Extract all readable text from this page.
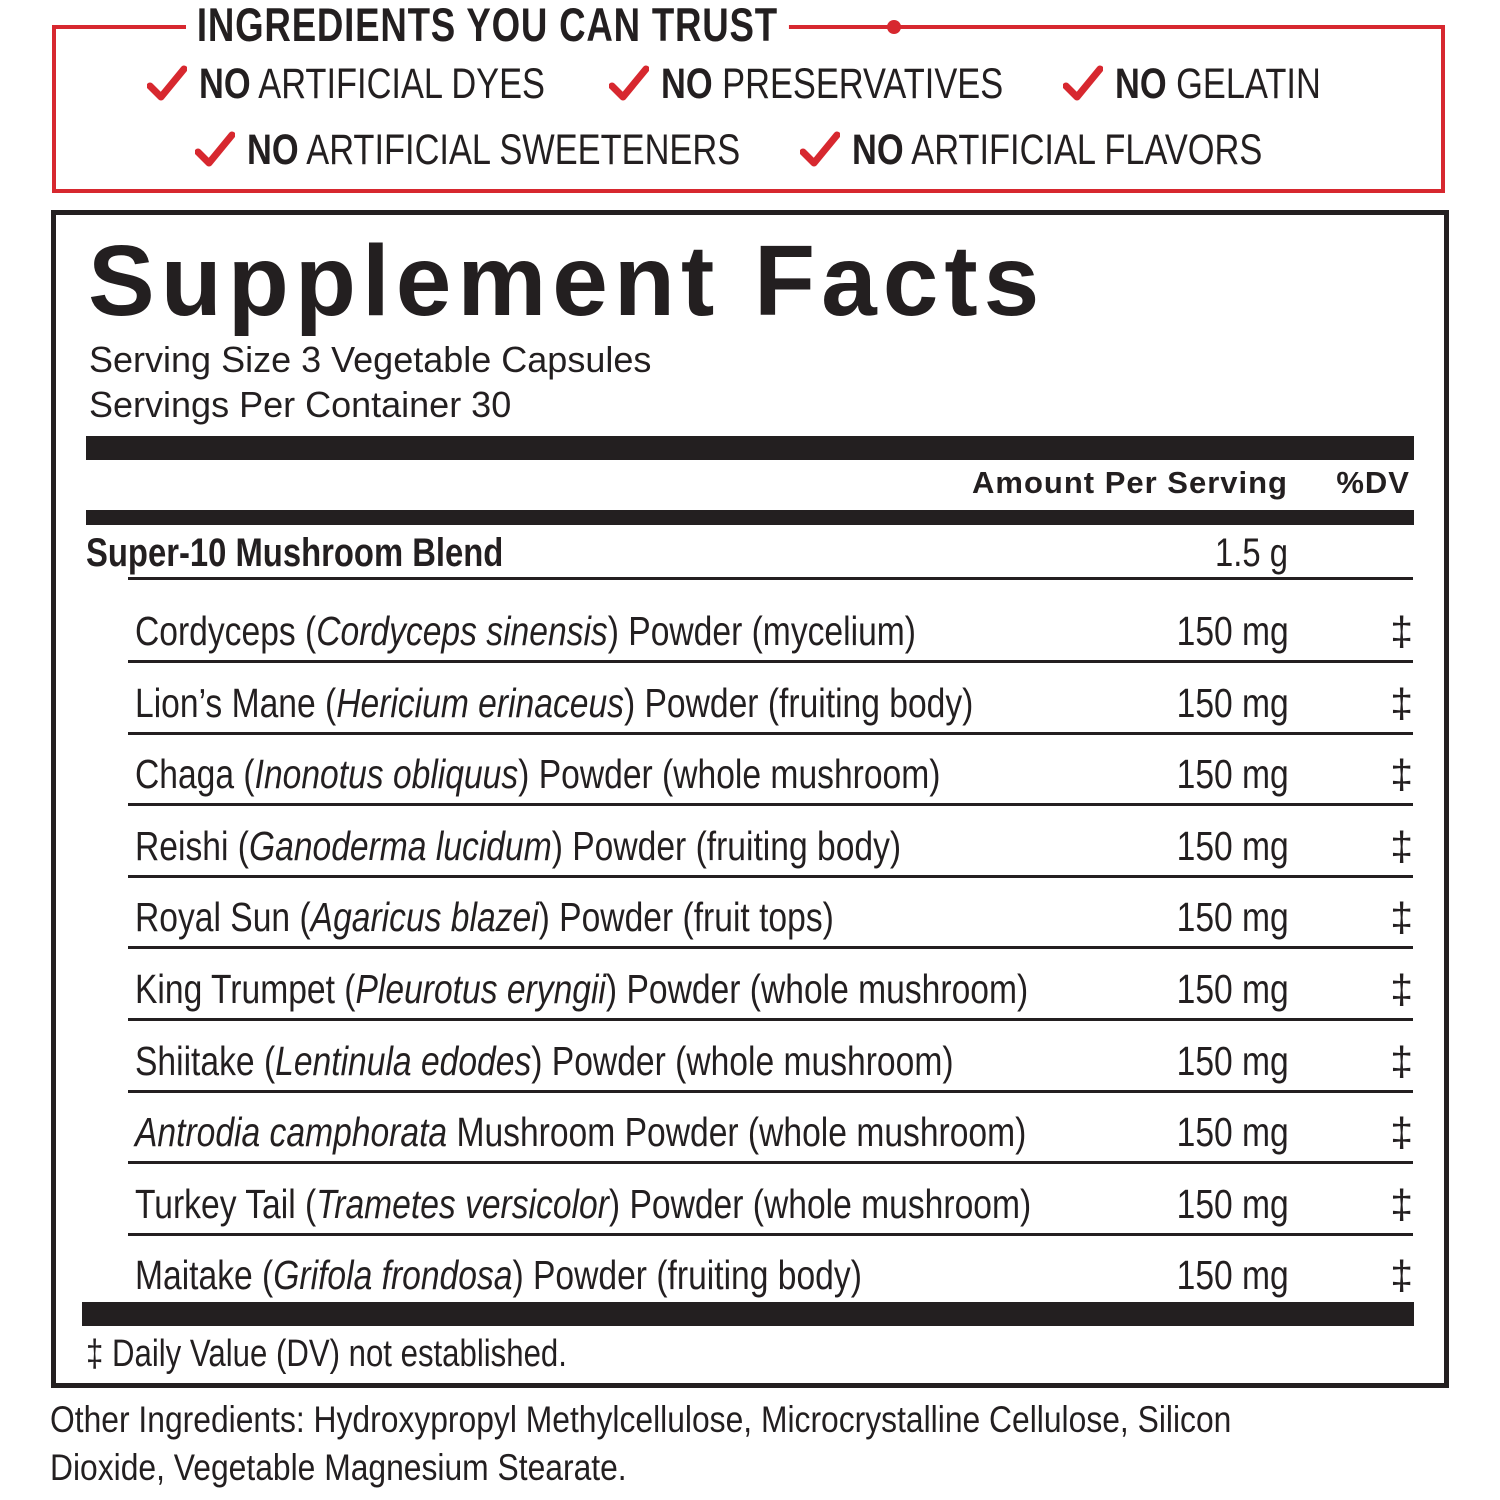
INGREDIENTS YOU CAN TRUST
NO ARTIFICIAL DYES	NO PRESERVATIVES	NO GELATIN
NO ARTIFICIAL SWEETENERS	NO ARTIFICIAL FLAVORS
Supplement Facts
Serving Size 3 Vegetable Capsules
Servings Per Container 30
Amount Per Serving %DV
Super-10 Mushroom Blend	1.5 g
Cordyceps (Cordyceps sinensis) Powder (mycelium)	150 mg ‡
Lion’s Mane (Hericium erinaceus) Powder (fruiting body)	150 mg ‡
Chaga (Inonotus obliquus) Powder (whole mushroom)	150 mg ‡
Reishi (Ganoderma lucidum) Powder (fruiting body)	150 mg ‡
Royal Sun (Agaricus blazei) Powder (fruit tops)	150 mg ‡
King Trumpet (Pleurotus eryngii) Powder (whole mushroom)	150 mg ‡
Shiitake (Lentinula edodes) Powder (whole mushroom)	150 mg ‡
Antrodia camphorata Mushroom Powder (whole mushroom)	150 mg ‡
Turkey Tail (Trametes versicolor) Powder (whole mushroom)	150 mg ‡
Maitake (Grifola frondosa) Powder (fruiting body)	150 mg ‡
‡ Daily Value (DV) not established.
Other Ingredients: Hydroxypropyl Methylcellulose, Microcrystalline Cellulose, Silicon
Dioxide, Vegetable Magnesium Stearate.
